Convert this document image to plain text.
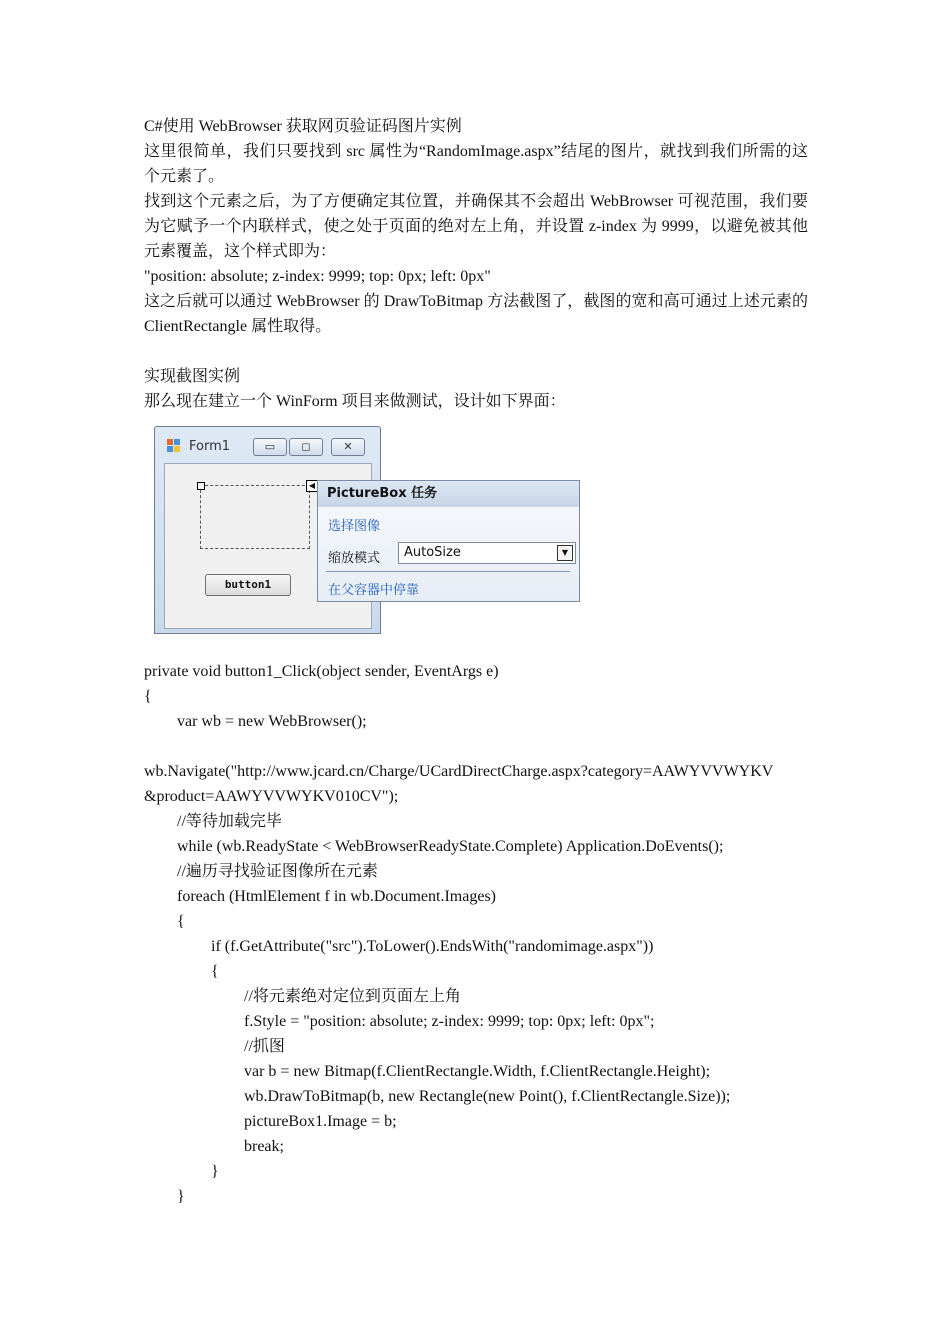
C#使用 WebBrowser 获取网页验证码图片实例

这里很简单，我们只要找到 src 属性为“RandomImage.aspx”结尾的图片，就找到我们所需的这个元素了。

找到这个元素之后，为了方便确定其位置，并确保其不会超出 WebBrowser 可视范围，我们要为它赋予一个内联样式，使之处于页面的绝对左上角，并设置 z-index 为 9999，以避免被其他元素覆盖，这个样式即为：

"position: absolute; z-index: 9999; top: 0px; left: 0px"

这之后就可以通过 WebBrowser 的 DrawToBitmap 方法截图了，截图的宽和高可通过上述元素的 ClientRectangle 属性取得。

实现截图实例

那么现在建立一个 WinForm 项目来做测试，设计如下界面：

Form1	▭	◻	✕
◀
button1
PictureBox 任务
选择图像
缩放模式	AutoSize	▼
在父容器中停靠

private void button1_Click(object sender, EventArgs e)

{

var wb = new WebBrowser();

wb.Navigate("http://www.jcard.cn/Charge/UCardDirectCharge.aspx?category=AAWYVVWYKV

&product=AAWYVVWYKV010CV");

//等待加载完毕

while (wb.ReadyState < WebBrowserReadyState.Complete) Application.DoEvents();

//遍历寻找验证图像所在元素

foreach (HtmlElement f in wb.Document.Images)

{

if (f.GetAttribute("src").ToLower().EndsWith("randomimage.aspx"))

{

//将元素绝对定位到页面左上角

f.Style = "position: absolute; z-index: 9999; top: 0px; left: 0px";

//抓图

var b = new Bitmap(f.ClientRectangle.Width, f.ClientRectangle.Height);

wb.DrawToBitmap(b, new Rectangle(new Point(), f.ClientRectangle.Size));

pictureBox1.Image = b;

break;

}

}
